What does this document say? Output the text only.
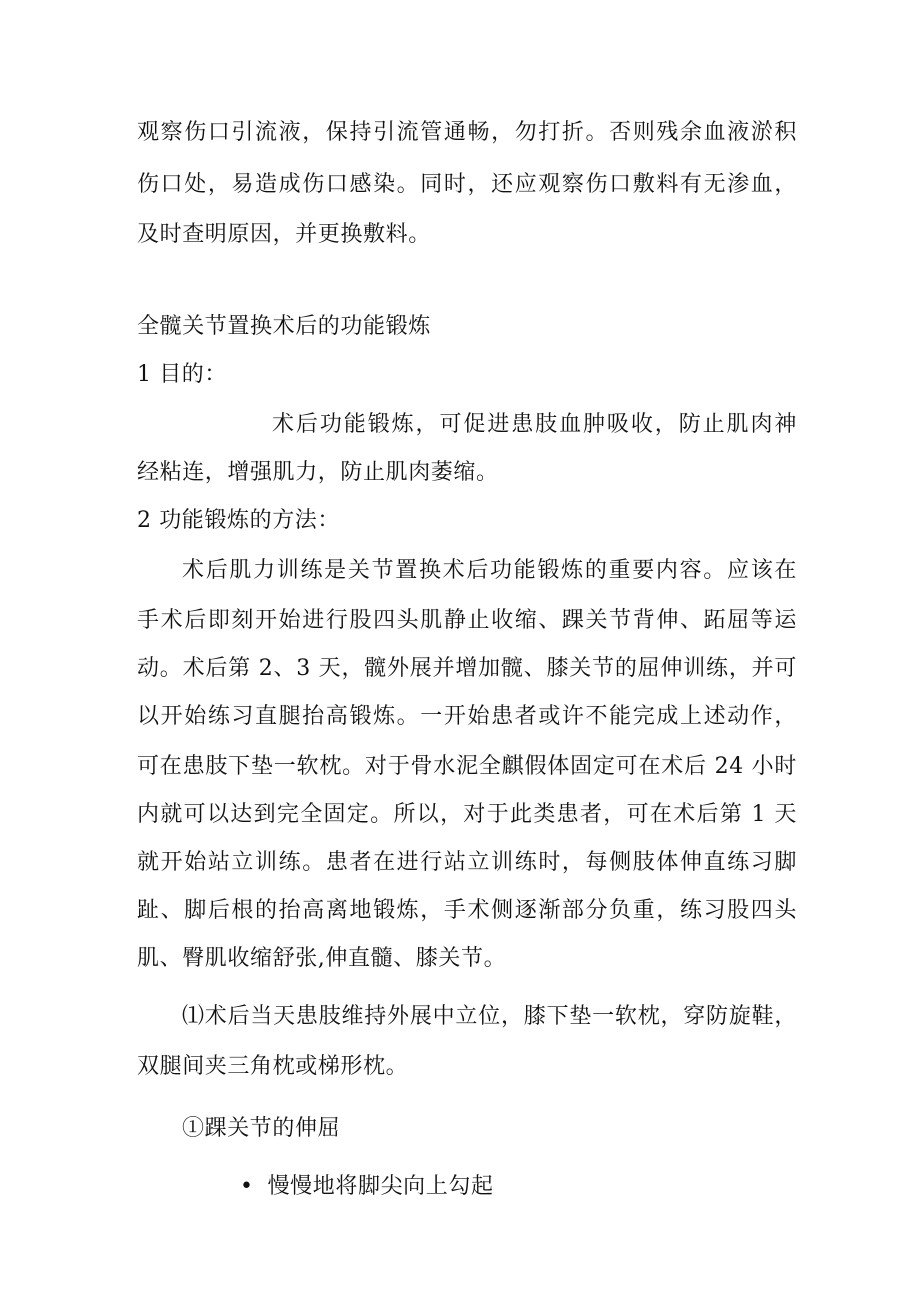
观察伤口引流液，保持引流管通畅，勿打折。否则残余血液淤积
伤口处，易造成伤口感染。同时，还应观察伤口敷料有无渗血，
及时查明原因，并更换敷料。
全髋关节置换术后的功能锻炼
1 目的：
术后功能锻炼，可促进患肢血肿吸收，防止肌肉神
经粘连，增强肌力，防止肌肉萎缩。
2 功能锻炼的方法：
术后肌力训练是关节置换术后功能锻炼的重要内容。应该在
手术后即刻开始进行股四头肌静止收缩、踝关节背伸、跖屈等运
动。术后第 2、3 天，髋外展并增加髋、膝关节的屈伸训练，并可
以开始练习直腿抬高锻炼。一开始患者或许不能完成上述动作，
可在患肢下垫一软枕。对于骨水泥全麒假体固定可在术后 24 小时
内就可以达到完全固定。所以，对于此类患者，可在术后第 1 天
就开始站立训练。患者在进行站立训练时，每侧肢体伸直练习脚
趾、脚后根的抬高离地锻炼，手术侧逐渐部分负重，练习股四头
肌、臀肌收缩舒张,伸直髓、膝关节。
⑴术后当天患肢维持外展中立位，膝下垫一软枕，穿防旋鞋，
双腿间夹三角枕或梯形枕。
①踝关节的伸屈
• 慢慢地将脚尖向上勾起
